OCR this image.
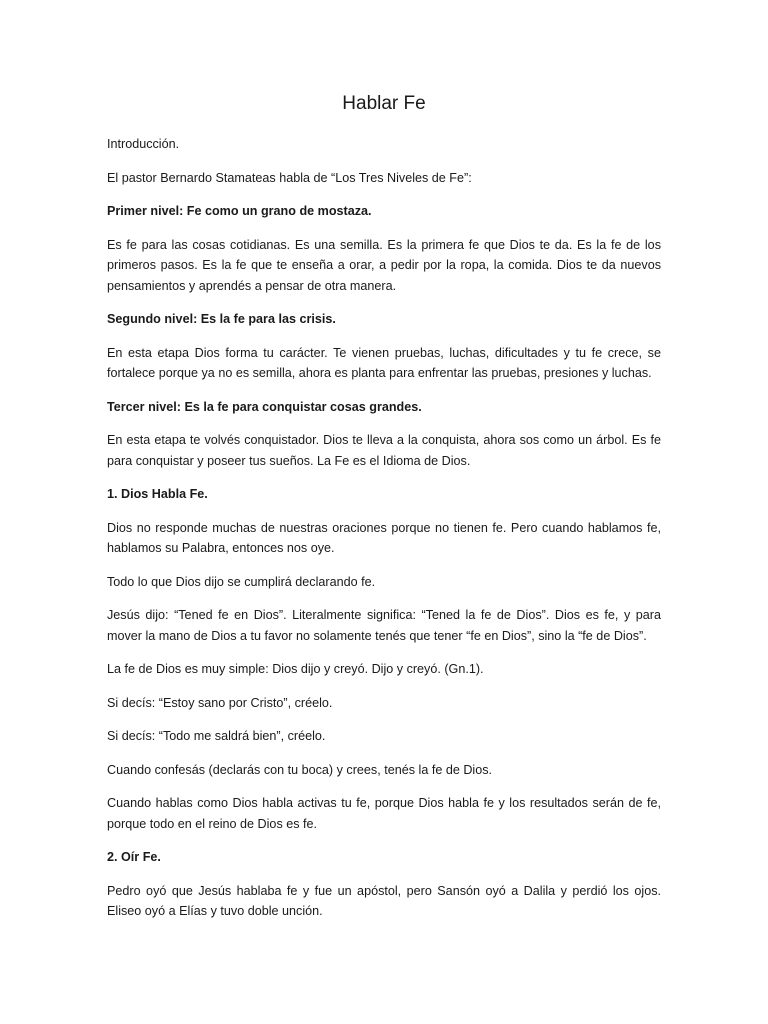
Hablar Fe

Introducción.

El pastor Bernardo Stamateas habla de “Los Tres Niveles de Fe”:

Primer nivel: Fe como un grano de mostaza.

Es fe para las cosas cotidianas. Es una semilla. Es la primera fe que Dios te da. Es la fe de los primeros pasos. Es la fe que te enseña a orar, a pedir por la ropa, la comida. Dios te da nuevos pensamientos y aprendés a pensar de otra manera.

Segundo nivel: Es la fe para las crisis.

En esta etapa Dios forma tu carácter. Te vienen pruebas, luchas, dificultades y tu fe crece, se fortalece porque ya no es semilla, ahora es planta para enfrentar las pruebas, presiones y luchas.

Tercer nivel: Es la fe para conquistar cosas grandes.

En esta etapa te volvés conquistador. Dios te lleva a la conquista, ahora sos como un árbol. Es fe para conquistar y poseer tus sueños. La Fe es el Idioma de Dios.

1. Dios Habla Fe.

Dios no responde muchas de nuestras oraciones porque no tienen fe. Pero cuando hablamos fe, hablamos su Palabra, entonces nos oye.

Todo lo que Dios dijo se cumplirá declarando fe.

Jesús dijo: “Tened fe en Dios”. Literalmente significa: “Tened la fe de Dios”. Dios es fe, y para mover la mano de Dios a tu favor no solamente tenés que tener “fe en Dios”, sino la “fe de Dios”.

La fe de Dios es muy simple: Dios dijo y creyó. Dijo y creyó. (Gn.1).

Si decís: “Estoy sano por Cristo”, créelo.

Si decís: “Todo me saldrá bien”, créelo.

Cuando confesás (declarás con tu boca) y crees, tenés la fe de Dios.

Cuando hablas como Dios habla activas tu fe, porque Dios habla fe y los resultados serán de fe, porque todo en el reino de Dios es fe.

2. Oír Fe.

Pedro oyó que Jesús hablaba fe y fue un apóstol, pero Sansón oyó a Dalila y perdió los ojos. Eliseo oyó a Elías y tuvo doble unción.
